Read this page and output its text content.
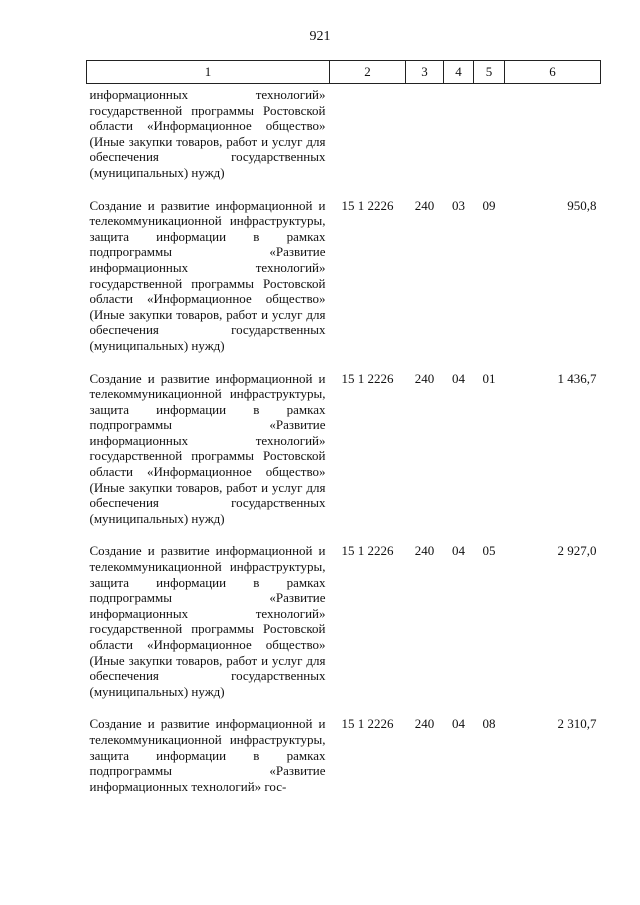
921
1	2	3	4	5	6
информационных технологий» государственной программы Ростовской области «Информационное общество» (Иные закупки товаров, работ и услуг для обеспечения государственных (муниципальных) нужд)					
Создание и развитие информационной и телекоммуникационной инфраструктуры, защита информации в рамках подпрограммы «Развитие информационных технологий» государственной программы Ростовской области «Информационное общество» (Иные закупки товаров, работ и услуг для обеспечения государственных (муниципальных) нужд)	15 1 2226	240	03	09	950,8
Создание и развитие информационной и телекоммуникационной инфраструктуры, защита информации в рамках подпрограммы «Развитие информационных технологий» государственной программы Ростовской области «Информационное общество» (Иные закупки товаров, работ и услуг для обеспечения государственных (муниципальных) нужд)	15 1 2226	240	04	01	1 436,7
Создание и развитие информационной и телекоммуникационной инфраструктуры, защита информации в рамках подпрограммы «Развитие информационных технологий» государственной программы Ростовской области «Информационное общество» (Иные закупки товаров, работ и услуг для обеспечения государственных (муниципальных) нужд)	15 1 2226	240	04	05	2 927,0
Создание и развитие информационной и телекоммуникационной инфраструктуры, защита информации в рамках подпрограммы «Развитие информационных технологий» гос-	15 1 2226	240	04	08	2 310,7
